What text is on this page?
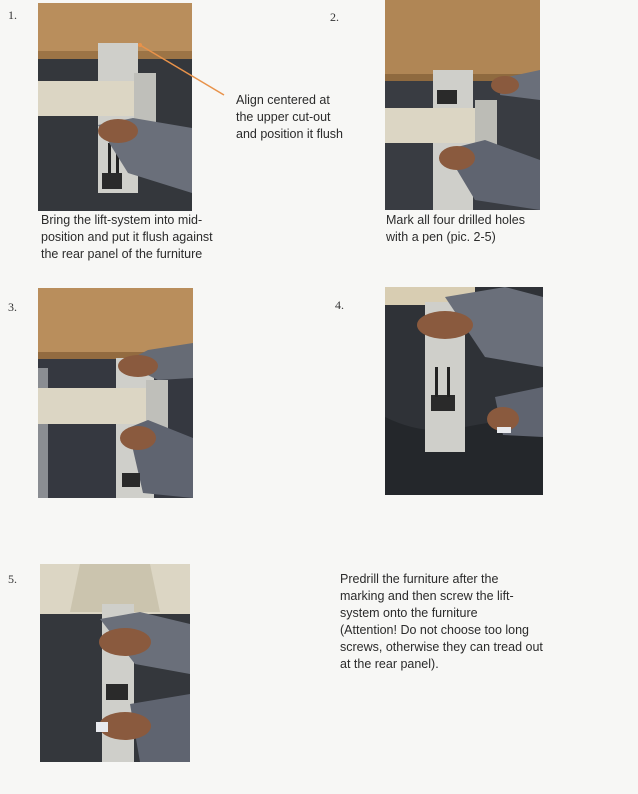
1.	2.
3.	4.
5.
Align centered at
the upper cut-out
and position it flush
Bring the lift-system into mid-
position and put it flush against
the rear panel of the furniture
Mark all four drilled holes
with a pen (pic. 2-5)
Predrill the furniture after the
marking and then screw the lift-
system onto the furniture
(Attention! Do not choose too long
screws, otherwise they can tread out
at the rear panel).
